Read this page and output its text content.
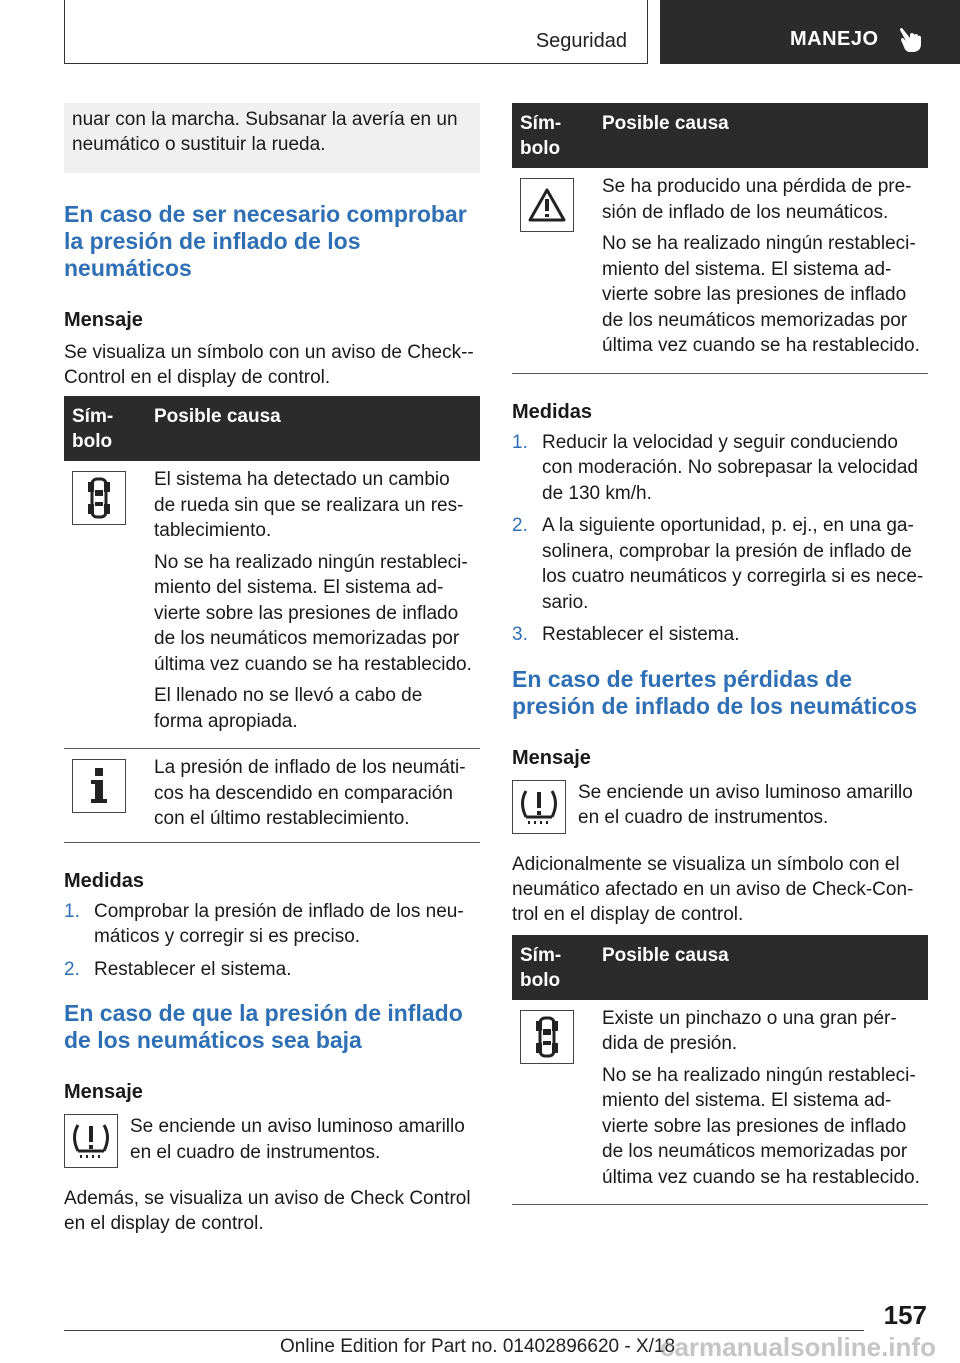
Seguridad	MANEJO
nuar con la marcha. Subsanar la avería en un neumático o sustituir la rueda.
En caso de ser necesario comprobar la presión de inflado de los neumáticos
Mensaje
Se visualiza un símbolo con un aviso de Check--Control en el display de control.
Sím-bolo
Posible causa

El sistema ha detectado un cambio de rueda sin que se realizara un res-tablecimiento.

No se ha realizado ningún restableci-miento del sistema. El sistema ad-vierte sobre las presiones de inflado de los neumáticos memorizadas por última vez cuando se ha restablecido.

El llenado no se llevó a cabo de forma apropiada.

La presión de inflado de los neumáti-cos ha descendido en comparación con el último restablecimiento.

Medidas
1. Comprobar la presión de inflado de los neu-máticos y corregir si es preciso.
2. Restablecer el sistema.
En caso de que la presión de inflado de los neumáticos sea baja
Mensaje
Se enciende un aviso luminoso amarillo en el cuadro de instrumentos.
Además, se visualiza un aviso de Check Control en el display de control.
Sím-bolo
Posible causa

Se ha producido una pérdida de pre-sión de inflado de los neumáticos.

No se ha realizado ningún restableci-miento del sistema. El sistema ad-vierte sobre las presiones de inflado de los neumáticos memorizadas por última vez cuando se ha restablecido.

Medidas
1. Reducir la velocidad y seguir conduciendo con moderación. No sobrepasar la velocidad de 130 km/h.
2. A la siguiente oportunidad, p. ej., en una ga-solinera, comprobar la presión de inflado de los cuatro neumáticos y corregirla si es nece-sario.
3. Restablecer el sistema.
En caso de fuertes pérdidas de presión de inflado de los neumáticos
Mensaje
Se enciende un aviso luminoso amarillo en el cuadro de instrumentos.
Adicionalmente se visualiza un símbolo con el neumático afectado en un aviso de Check-Con-trol en el display de control.
Sím-bolo
Posible causa

Existe un pinchazo o una gran pér-dida de presión.

No se ha realizado ningún restableci-miento del sistema. El sistema ad-vierte sobre las presiones de inflado de los neumáticos memorizadas por última vez cuando se ha restablecido.

157
Online Edition for Part no. 01402896620 - X/18
carmanualsonline.info
